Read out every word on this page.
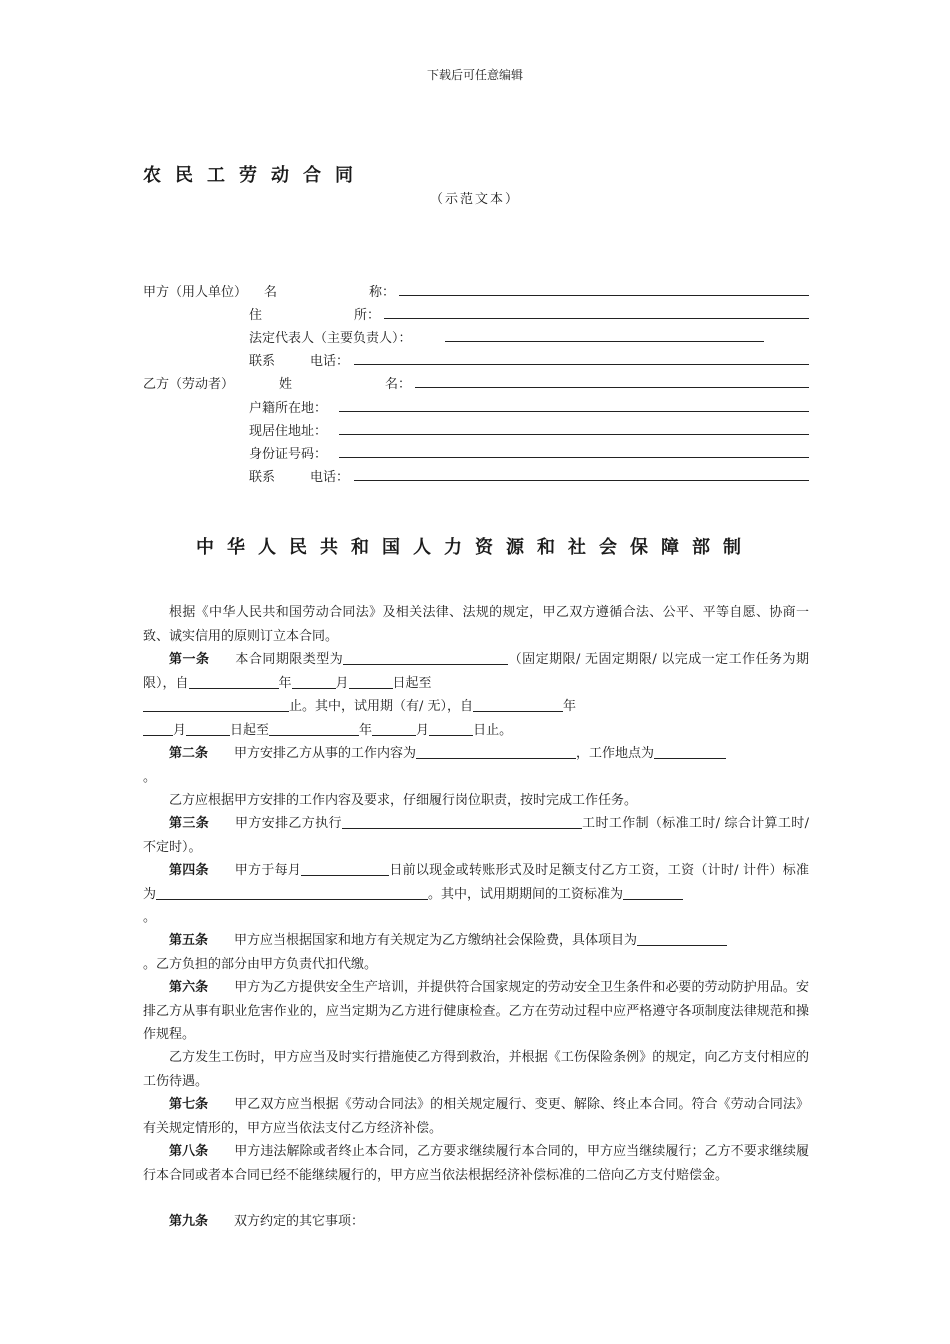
下载后可任意编辑
农民工劳动合同
（示范文本）
甲方（用人单位） 名	称：
住	所：
法定代表人（主要负责人）：
联系	电话：
乙方（劳动者）	姓	名：
户籍所在地：
现居住地址：
身份证号码：
联系	电话：
中华人民共和国人力资源和社会保障部制
根据《中华人民共和国劳动合同法》及相关法律、法规的规定，甲乙双方遵循合法、公平、平等自愿、协商一致、诚实信用的原则订立本合同。
第一条 本合同期限类型为	（固定期限/ 无固定期限/ 以完成一定工作任务为期限），自	年	月	日起至
止。其中，试用期（有/ 无），自	年
月	日起至	年	月	日止。
第二条 甲方安排乙方从事的工作内容为	，工作地点为
。
乙方应根据甲方安排的工作内容及要求，仔细履行岗位职责，按时完成工作任务。
第三条 甲方安排乙方执行	工时工作制（标准工时/ 综合计算工时/ 不定时）。
第四条 甲方于每月	日前以现金或转账形式及时足额支付乙方工资，工资（计时/ 计件）标准为	。其中，试用期期间的工资标准为
。
第五条 甲方应当根据国家和地方有关规定为乙方缴纳社会保险费，具体项目为
。乙方负担的部分由甲方负责代扣代缴。
第六条 甲方为乙方提供安全生产培训，并提供符合国家规定的劳动安全卫生条件和必要的劳动防护用品。安排乙方从事有职业危害作业的，应当定期为乙方进行健康检查。乙方在劳动过程中应严格遵守各项制度法律规范和操作规程。
乙方发生工伤时，甲方应当及时实行措施使乙方得到救治，并根据《工伤保险条例》的规定，向乙方支付相应的工伤待遇。
第七条 甲乙双方应当根据《劳动合同法》的相关规定履行、变更、解除、终止本合同。符合《劳动合同法》有关规定情形的，甲方应当依法支付乙方经济补偿。
第八条 甲方违法解除或者终止本合同，乙方要求继续履行本合同的，甲方应当继续履行；乙方不要求继续履行本合同或者本合同已经不能继续履行的，甲方应当依法根据经济补偿标准的二倍向乙方支付赔偿金。
第九条 双方约定的其它事项：
